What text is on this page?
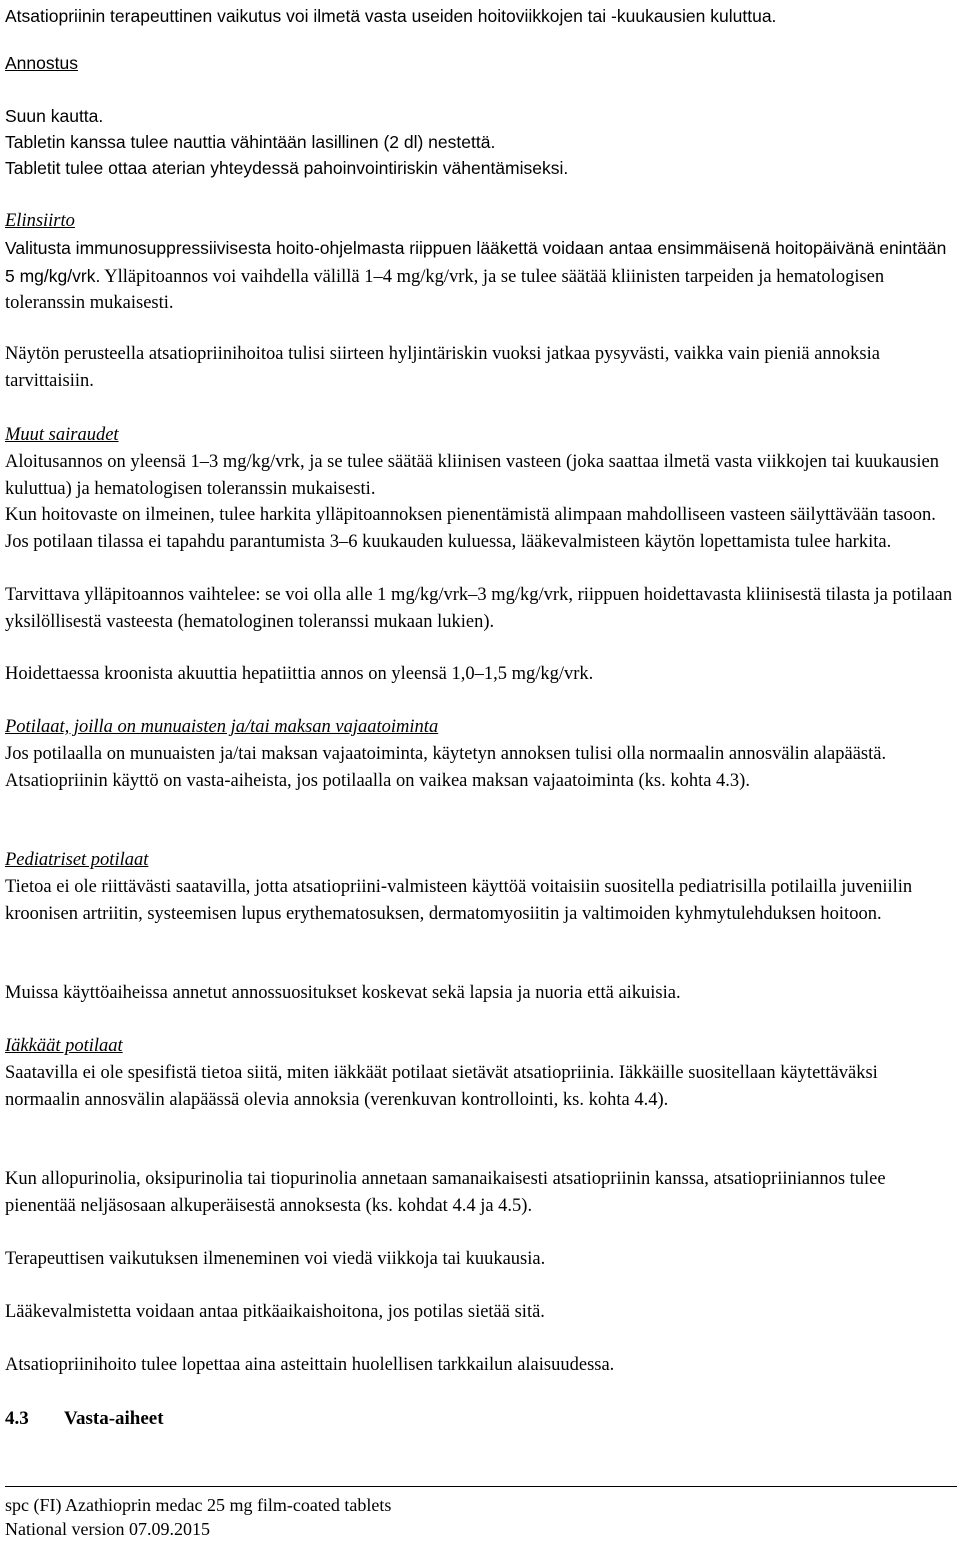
Atsatiopriinin terapeuttinen vaikutus voi ilmetä vasta useiden hoitoviikkojen tai -kuukausien kuluttua.

Annostus

Suun kautta.

Tabletin kanssa tulee nauttia vähintään lasillinen (2 dl) nestettä.

Tabletit tulee ottaa aterian yhteydessä pahoinvointiriskin vähentämiseksi.

Elinsiirto

Valitusta immunosuppressiivisesta hoito-ohjelmasta riippuen lääkettä voidaan antaa ensimmäisenä hoitopäivänä enintään 5 mg/kg/vrk. Ylläpitoannos voi vaihdella välillä 1–4 mg/kg/vrk, ja se tulee säätää kliinisten tarpeiden ja hematologisen toleranssin mukaisesti.

Näytön perusteella atsatiopriinihoitoa tulisi siirteen hyljintäriskin vuoksi jatkaa pysyvästi, vaikka vain pieniä annoksia tarvittaisiin.

Muut sairaudet

Aloitusannos on yleensä 1–3 mg/kg/vrk, ja se tulee säätää kliinisen vasteen (joka saattaa ilmetä vasta viikkojen tai kuukausien kuluttua) ja hematologisen toleranssin mukaisesti.

Kun hoitovaste on ilmeinen, tulee harkita ylläpitoannoksen pienentämistä alimpaan mahdolliseen vasteen säilyttävään tasoon. Jos potilaan tilassa ei tapahdu parantumista 3–6 kuukauden kuluessa, lääkevalmisteen käytön lopettamista tulee harkita.

Tarvittava ylläpitoannos vaihtelee: se voi olla alle 1 mg/kg/vrk–3 mg/kg/vrk, riippuen hoidettavasta kliinisestä tilasta ja potilaan yksilöllisestä vasteesta (hematologinen toleranssi mukaan lukien).

Hoidettaessa kroonista akuuttia hepatiittia annos on yleensä 1,0–1,5 mg/kg/vrk.

Potilaat, joilla on munuaisten ja/tai maksan vajaatoiminta

Jos potilaalla on munuaisten ja/tai maksan vajaatoiminta, käytetyn annoksen tulisi olla normaalin annosvälin alapäästä. Atsatiopriinin käyttö on vasta-aiheista, jos potilaalla on vaikea maksan vajaatoiminta (ks. kohta 4.3).

Pediatriset potilaat

Tietoa ei ole riittävästi saatavilla, jotta atsatiopriini-valmisteen käyttöä voitaisiin suositella pediatrisilla potilailla juveniilin kroonisen artriitin, systeemisen lupus erythematosuksen, dermatomyosiitin ja valtimoiden kyhmytulehduksen hoitoon.

Muissa käyttöaiheissa annetut annossuositukset koskevat sekä lapsia ja nuoria että aikuisia.

Iäkkäät potilaat

Saatavilla ei ole spesifistä tietoa siitä, miten iäkkäät potilaat sietävät atsatiopriinia. Iäkkäille suositellaan käytettäväksi normaalin annosvälin alapäässä olevia annoksia (verenkuvan kontrollointi, ks. kohta 4.4).

Kun allopurinolia, oksipurinolia tai tiopurinolia annetaan samanaikaisesti atsatiopriinin kanssa, atsatiopriiniannos tulee pienentää neljäsosaan alkuperäisestä annoksesta (ks. kohdat 4.4 ja 4.5).

Terapeuttisen vaikutuksen ilmeneminen voi viedä viikkoja tai kuukausia.

Lääkevalmistetta voidaan antaa pitkäaikaishoitona, jos potilas sietää sitä.

Atsatiopriinihoito tulee lopettaa aina asteittain huolellisen tarkkailun alaisuudessa.

4.3 Vasta-aiheet

spc (FI) Azathioprin medac 25 mg film-coated tablets
National version 07.09.2015
